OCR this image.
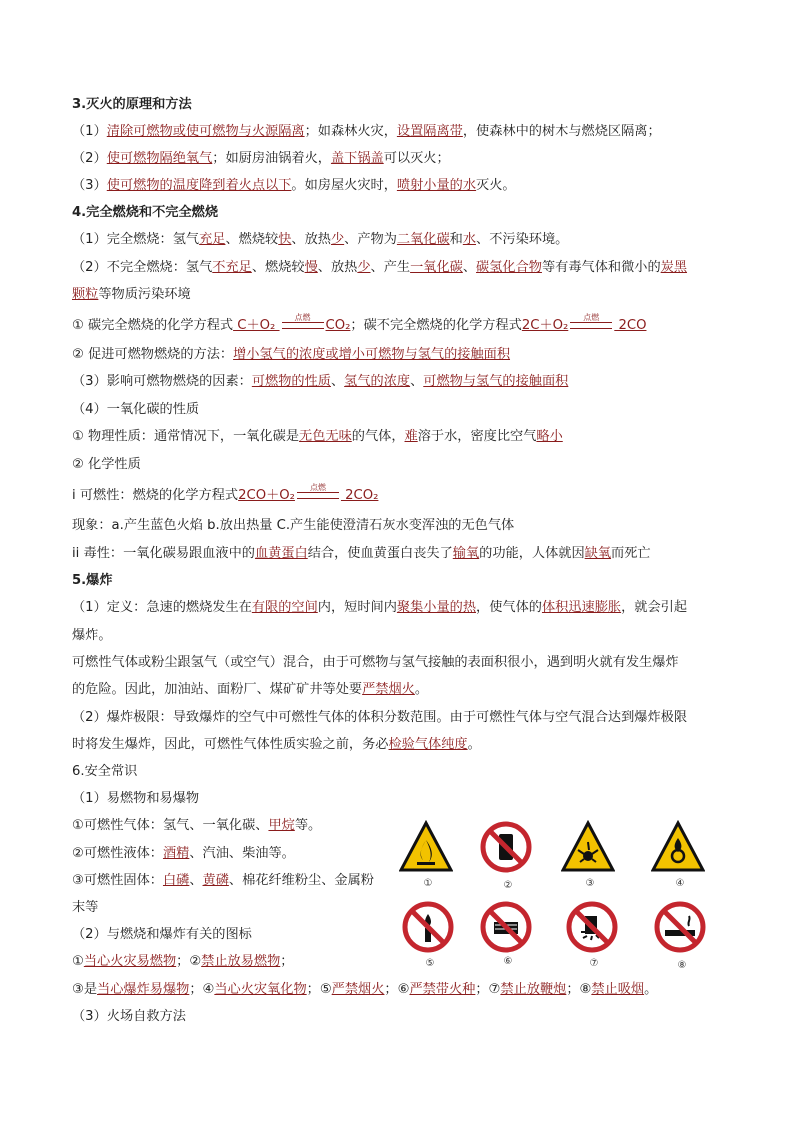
3.灭火的原理和方法
（1）清除可燃物或使可燃物与火源隔离；如森林火灾，设置隔离带，使森林中的树木与燃烧区隔离；
（2）使可燃物隔绝氧气；如厨房油锅着火，盖下锅盖可以灭火；
（3）使可燃物的温度降到着火点以下。如房屋火灾时，喷射小量的水灭火。
4.完全燃烧和不完全燃烧
（1）完全燃烧：氢气充足、燃烧较快、放热少、产物为二氧化碳和水、不污染环境。
（2）不完全燃烧：氢气不充足、燃烧较慢、放热少、产生一氧化碳、碳氢化合物等有毒气体和微小的炭黑
颗粒等物质污染环境
① 碳完全燃烧的化学方程式 C＋O₂
点燃
CO₂；碳不完全燃烧的化学方程式2C＋O₂
点燃
2CO
② 促进可燃物燃烧的方法：增小氢气的浓度或增小可燃物与氢气的接触面积
（3）影响可燃物燃烧的因素：可燃物的性质、氢气的浓度、可燃物与氢气的接触面积
（4）一氧化碳的性质
① 物理性质：通常情况下，一氧化碳是无色无味的气体，难溶于水，密度比空气略小
② 化学性质
i 可燃性：燃烧的化学方程式2CO＋O₂
点燃
2CO₂
现象：a.产生蓝色火焰 b.放出热量 C.产生能使澄清石灰水变浑浊的无色气体
ii 毒性：一氧化碳易跟血液中的血黄蛋白结合，使血黄蛋白丧失了输氧的功能，人体就因缺氧而死亡
5.爆炸
（1）定义：急速的燃烧发生在有限的空间内，短时间内聚集小量的热，使气体的体积迅速膨胀，就会引起
爆炸。
可燃性气体或粉尘跟氢气（或空气）混合，由于可燃物与氢气接触的表面积很小，遇到明火就有发生爆炸
的危险。因此，加油站、面粉厂、煤矿矿井等处要严禁烟火。
（2）爆炸极限：导致爆炸的空气中可燃性气体的体积分数范围。由于可燃性气体与空气混合达到爆炸极限
时将发生爆炸，因此，可燃性气体性质实验之前，务必检验气体纯度。
6.安全常识
（1）易燃物和易爆物
①可燃性气体：氢气、一氧化碳、甲烷等。
②可燃性液体：酒精、汽油、柴油等。
③可燃性固体：白磷、黄磷、棉花纤维粉尘、金属粉
末等
（2）与燃烧和爆炸有关的图标
①当心火灾易燃物；②禁止放易燃物；
③是当心爆炸易爆物；④当心火灾氧化物；⑤严禁烟火；⑥严禁带火种；⑦禁止放鞭炮；⑧禁止吸烟。
（3）火场自救方法
①	②	③	④
⑤	⑥	⑦	⑧
